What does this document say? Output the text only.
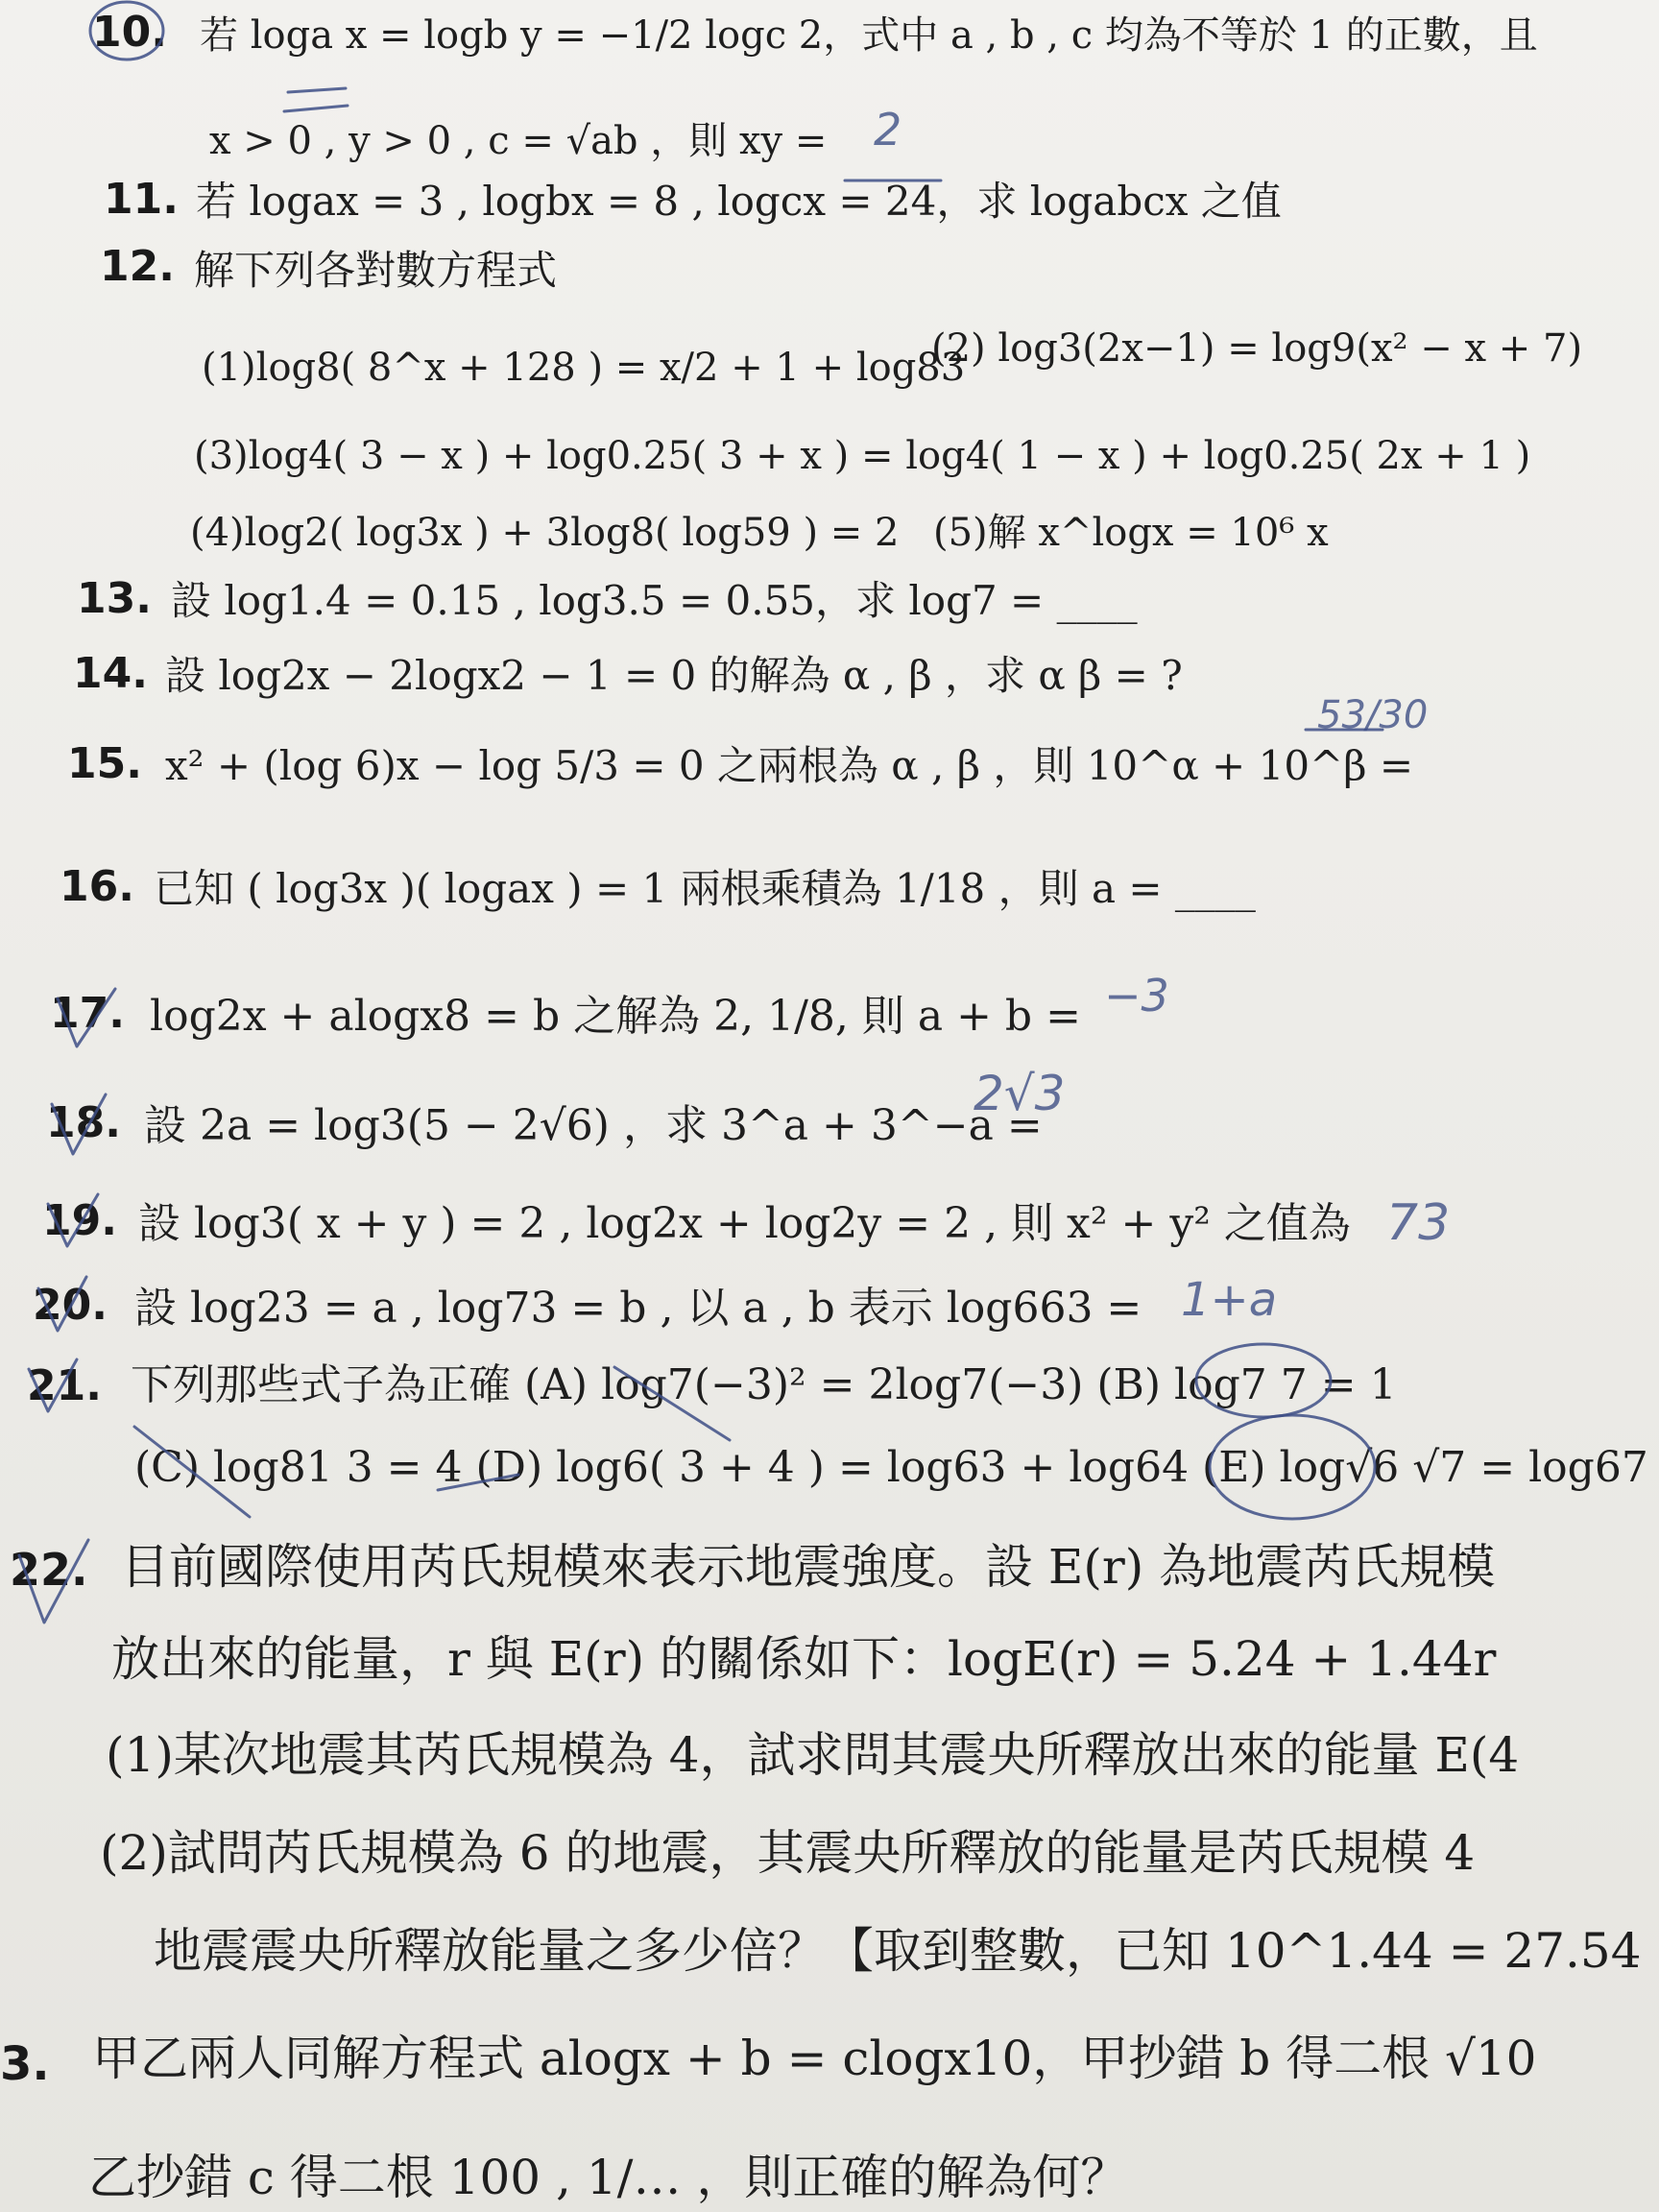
10. 若 loga x = logb y = −1/2 logc 2，式中 a , b , c 均為不等於 1 的正數，且
x > 0 , y > 0 , c = √ab ，則 xy = 2
11. 若 logax = 3 , logbx = 8 , logcx = 24，求 logabcx 之值
12. 解下列各對數方程式
(1)log8( 8^x + 128 ) = x/2 + 1 + log83
(2) log3(2x−1) = log9(x² − x + 7)
(3)log4( 3 − x ) + log0.25( 3 + x ) = log4( 1 − x ) + log0.25( 2x + 1 )
(4)log2( log3x ) + 3log8( log59 ) = 2 (5)解 x^logx = 10⁶ x
13. 設 log1.4 = 0.15 , log3.5 = 0.55，求 log7 = ____
14. 設 log2x − 2logx2 − 1 = 0 的解為 α , β ，求 α β = ?
15. x² + (log 6)x − log 5/3 = 0 之兩根為 α , β ，則 10^α + 10^β =
53/30
16. 已知 ( log3x )( logax ) = 1 兩根乘積為 1/18 ，則 a = ____
17. log2x + alogx8 = b 之解為 2, 1/8, 則 a + b = −3
18. 設 2a = log3(5 − 2√6) ，求 3^a + 3^−a =
2√3
19. 設 log3( x + y ) = 2 , log2x + log2y = 2 , 則 x² + y² 之值為 73
20. 設 log23 = a , log73 = b , 以 a , b 表示 log663 = 1+a
21. 下列那些式子為正確 (A) log7(−3)² = 2log7(−3) (B) log7 7 = 1
(C) log81 3 = 4 (D) log6( 3 + 4 ) = log63 + log64 (E) log√6 √7 = log67
22. 目前國際使用芮氏規模來表示地震強度。設 E(r) 為地震芮氏規模
放出來的能量，r 與 E(r) 的關係如下：logE(r) = 5.24 + 1.44r
(1)某次地震其芮氏規模為 4，試求問其震央所釋放出來的能量 E(4
(2)試問芮氏規模為 6 的地震，其震央所釋放的能量是芮氏規模 4
地震震央所釋放能量之多少倍？【取到整數，已知 10^1.44 = 27.54
3. 甲乙兩人同解方程式 alogx + b = clogx10，甲抄錯 b 得二根 √10
乙抄錯 c 得二根 100 , 1/… ，則正確的解為何？
